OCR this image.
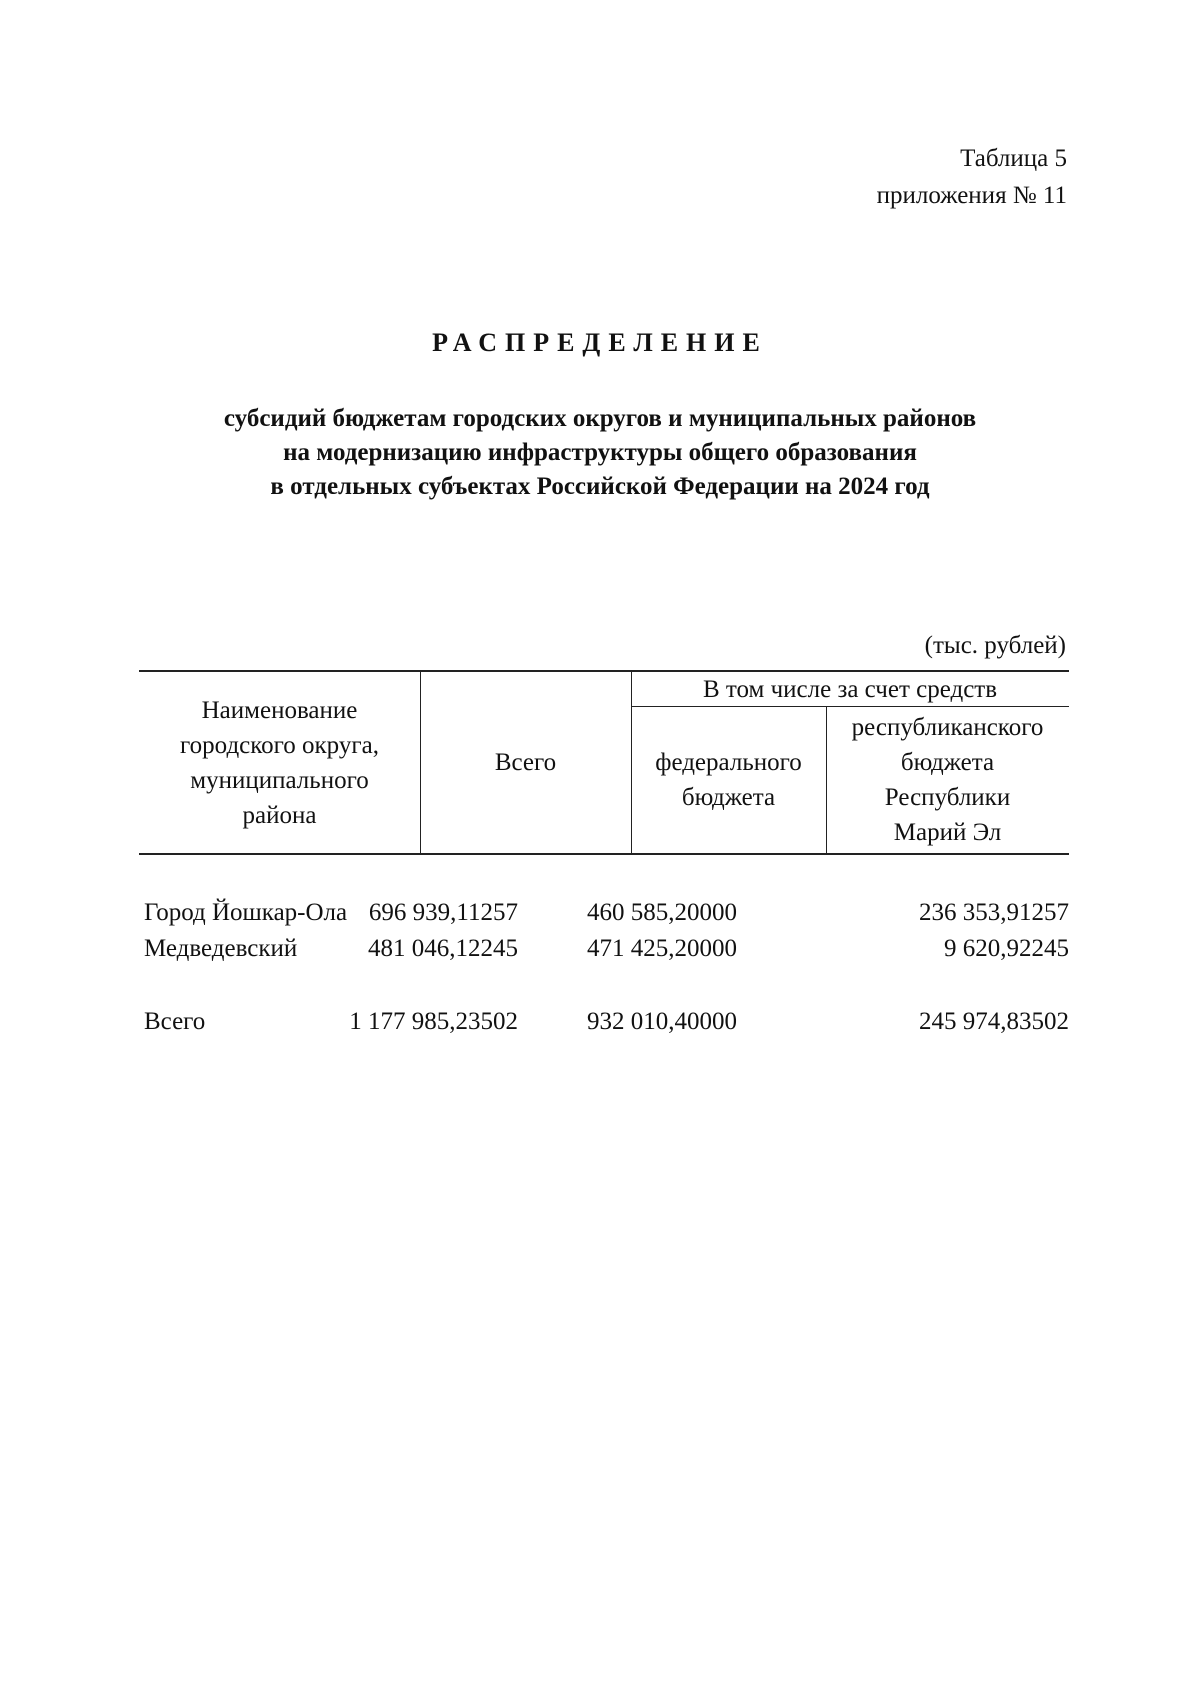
Таблица 5
приложения № 11
РАСПРЕДЕЛЕНИЕ
субсидий бюджетам городских округов и муниципальных районов
на модернизацию инфраструктуры общего образования
в отдельных субъектах Российской Федерации на 2024 год
(тыс. рублей)
Наименование
городского округа,
муниципального
района
Всего
В том числе за счет средств
федерального
бюджета
республиканского
бюджета
Республики
Марий Эл
Город Йошкар-Ола 696 939,11257	460 585,20000	236 353,91257
Медведевский	481 046,12245	471 425,20000	9 620,92245
Всего	1 177 985,23502	932 010,40000	245 974,83502
